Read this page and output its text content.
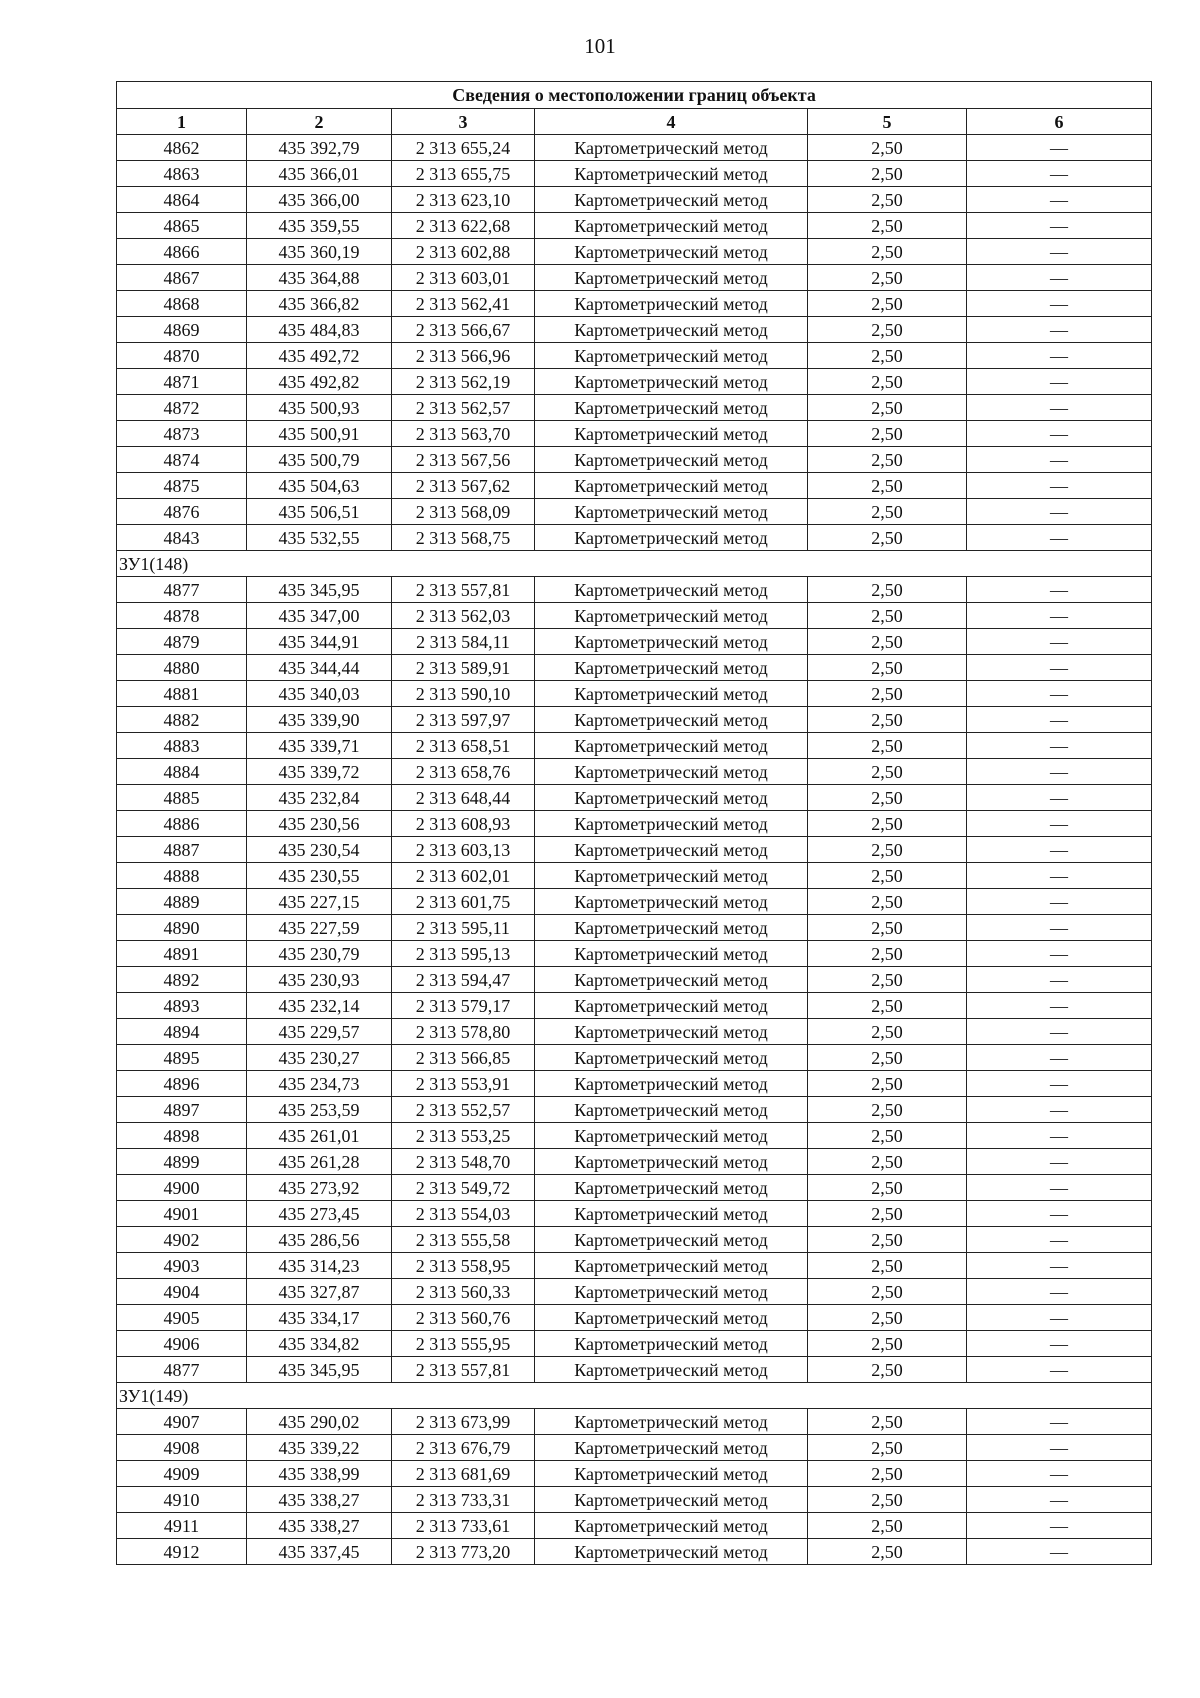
101
Сведения о местоположении границ объекта					
1	2	3	4	5	6
4862	435 392,79	2 313 655,24	Картометрический метод	2,50	—
4863	435 366,01	2 313 655,75	Картометрический метод	2,50	—
4864	435 366,00	2 313 623,10	Картометрический метод	2,50	—
4865	435 359,55	2 313 622,68	Картометрический метод	2,50	—
4866	435 360,19	2 313 602,88	Картометрический метод	2,50	—
4867	435 364,88	2 313 603,01	Картометрический метод	2,50	—
4868	435 366,82	2 313 562,41	Картометрический метод	2,50	—
4869	435 484,83	2 313 566,67	Картометрический метод	2,50	—
4870	435 492,72	2 313 566,96	Картометрический метод	2,50	—
4871	435 492,82	2 313 562,19	Картометрический метод	2,50	—
4872	435 500,93	2 313 562,57	Картометрический метод	2,50	—
4873	435 500,91	2 313 563,70	Картометрический метод	2,50	—
4874	435 500,79	2 313 567,56	Картометрический метод	2,50	—
4875	435 504,63	2 313 567,62	Картометрический метод	2,50	—
4876	435 506,51	2 313 568,09	Картометрический метод	2,50	—
4843	435 532,55	2 313 568,75	Картометрический метод	2,50	—
ЗУ1(148)					
4877	435 345,95	2 313 557,81	Картометрический метод	2,50	—
4878	435 347,00	2 313 562,03	Картометрический метод	2,50	—
4879	435 344,91	2 313 584,11	Картометрический метод	2,50	—
4880	435 344,44	2 313 589,91	Картометрический метод	2,50	—
4881	435 340,03	2 313 590,10	Картометрический метод	2,50	—
4882	435 339,90	2 313 597,97	Картометрический метод	2,50	—
4883	435 339,71	2 313 658,51	Картометрический метод	2,50	—
4884	435 339,72	2 313 658,76	Картометрический метод	2,50	—
4885	435 232,84	2 313 648,44	Картометрический метод	2,50	—
4886	435 230,56	2 313 608,93	Картометрический метод	2,50	—
4887	435 230,54	2 313 603,13	Картометрический метод	2,50	—
4888	435 230,55	2 313 602,01	Картометрический метод	2,50	—
4889	435 227,15	2 313 601,75	Картометрический метод	2,50	—
4890	435 227,59	2 313 595,11	Картометрический метод	2,50	—
4891	435 230,79	2 313 595,13	Картометрический метод	2,50	—
4892	435 230,93	2 313 594,47	Картометрический метод	2,50	—
4893	435 232,14	2 313 579,17	Картометрический метод	2,50	—
4894	435 229,57	2 313 578,80	Картометрический метод	2,50	—
4895	435 230,27	2 313 566,85	Картометрический метод	2,50	—
4896	435 234,73	2 313 553,91	Картометрический метод	2,50	—
4897	435 253,59	2 313 552,57	Картометрический метод	2,50	—
4898	435 261,01	2 313 553,25	Картометрический метод	2,50	—
4899	435 261,28	2 313 548,70	Картометрический метод	2,50	—
4900	435 273,92	2 313 549,72	Картометрический метод	2,50	—
4901	435 273,45	2 313 554,03	Картометрический метод	2,50	—
4902	435 286,56	2 313 555,58	Картометрический метод	2,50	—
4903	435 314,23	2 313 558,95	Картометрический метод	2,50	—
4904	435 327,87	2 313 560,33	Картометрический метод	2,50	—
4905	435 334,17	2 313 560,76	Картометрический метод	2,50	—
4906	435 334,82	2 313 555,95	Картометрический метод	2,50	—
4877	435 345,95	2 313 557,81	Картометрический метод	2,50	—
ЗУ1(149)					
4907	435 290,02	2 313 673,99	Картометрический метод	2,50	—
4908	435 339,22	2 313 676,79	Картометрический метод	2,50	—
4909	435 338,99	2 313 681,69	Картометрический метод	2,50	—
4910	435 338,27	2 313 733,31	Картометрический метод	2,50	—
4911	435 338,27	2 313 733,61	Картометрический метод	2,50	—
4912	435 337,45	2 313 773,20	Картометрический метод	2,50	—
